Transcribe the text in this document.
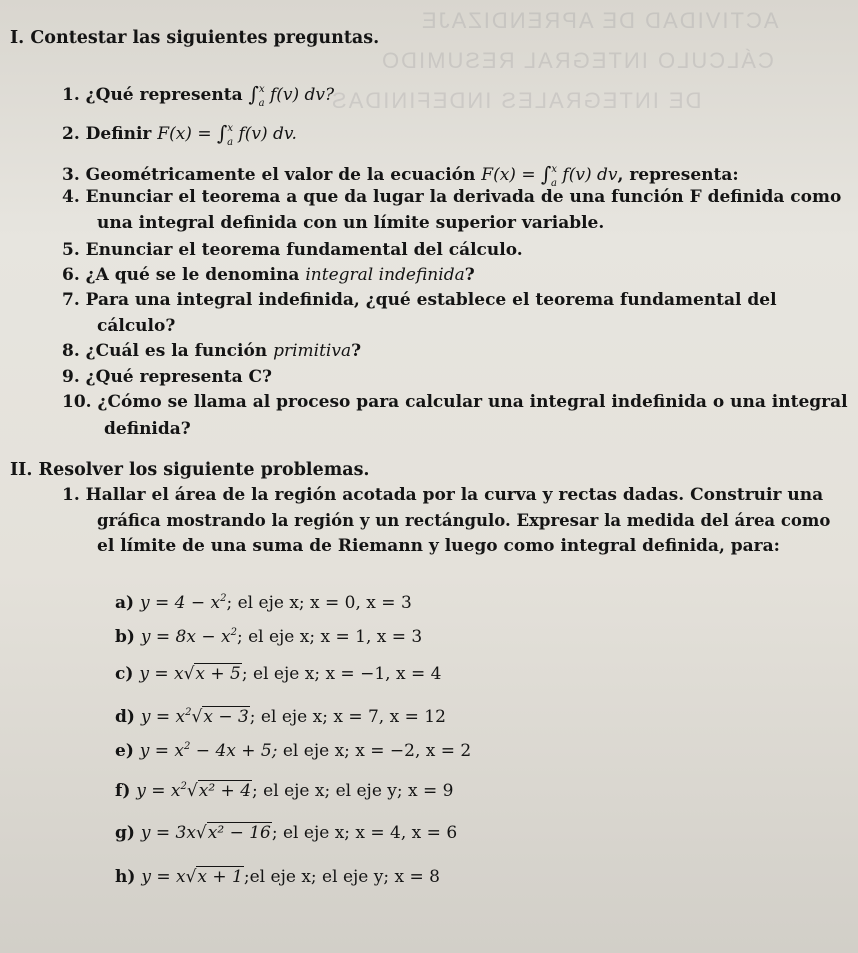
ACTIVIDAD DE APRENDIZAJE
CÁLCULO INTEGRAL RESUMIDO
DE INTEGRALES INDEFINIDAS
I. Contestar las siguientes preguntas.
1. ¿Qué representa ∫$^x_a$ f(v) dv?
2. Definir F(x) = ∫$^x_a$ f(v) dv.
3. Geométricamente el valor de la ecuación F(x) = ∫$^x_a$ f(v) dv, representa:
4. Enunciar el teorema a que da lugar la derivada de una función F definida como
una integral definida con un límite superior variable.
5. Enunciar el teorema fundamental del cálculo.
6. ¿A qué se le denomina integral indefinida?
7. Para una integral indefinida, ¿qué establece el teorema fundamental del
cálculo?
8. ¿Cuál es la función primitiva?
9. ¿Qué representa C?
10. ¿Cómo se llama al proceso para calcular una integral indefinida o una integral
definida?
II. Resolver los siguiente problemas.
1. Hallar el área de la región acotada por la curva y rectas dadas. Construir una
gráfica mostrando la región y un rectángulo. Expresar la medida del área como
el límite de una suma de Riemann y luego como integral definida, para:
a) $y = 4 - x^2$; el eje x; x = 0, x = 3
b) $y = 8x - x^2$; el eje x; x = 1, x = 3
c) y = x√x + 5; el eje x; x = −1, x = 4
d) $y = x^2√x - 3$; el eje x; x = 7, x = 12
e) $y = x^2 - 4x + 5$; el eje x; x = −2, x = 2
f) $y = x^2√x^2 + 4$; el eje x; el eje y; x = 9
g) y = 3x√x² − 16; el eje x; x = 4, x = 6
h) y = x√x + 1;el eje x; el eje y; x = 8
